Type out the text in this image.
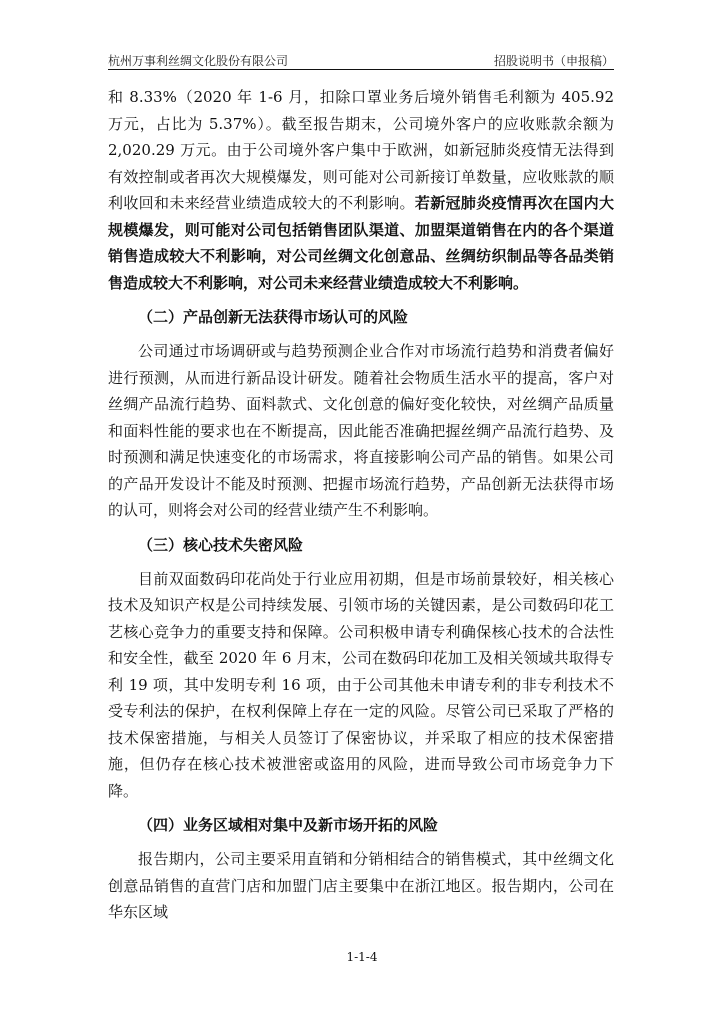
杭州万事利丝绸文化股份有限公司	招股说明书（申报稿）

和 8.33%（2020 年 1-6 月，扣除口罩业务后境外销售毛利额为 405.92 万元，占比为 5.37%）。截至报告期末，公司境外客户的应收账款余额为 2,020.29 万元。由于公司境外客户集中于欧洲，如新冠肺炎疫情无法得到有效控制或者再次大规模爆发，则可能对公司新接订单数量，应收账款的顺利收回和未来经营业绩造成较大的不利影响。若新冠肺炎疫情再次在国内大规模爆发，则可能对公司包括销售团队渠道、加盟渠道销售在内的各个渠道销售造成较大不利影响，对公司丝绸文化创意品、丝绸纺织制品等各品类销售造成较大不利影响，对公司未来经营业绩造成较大不利影响。

（二）产品创新无法获得市场认可的风险

公司通过市场调研或与趋势预测企业合作对市场流行趋势和消费者偏好进行预测，从而进行新品设计研发。随着社会物质生活水平的提高，客户对丝绸产品流行趋势、面料款式、文化创意的偏好变化较快，对丝绸产品质量和面料性能的要求也在不断提高，因此能否准确把握丝绸产品流行趋势、及时预测和满足快速变化的市场需求，将直接影响公司产品的销售。如果公司的产品开发设计不能及时预测、把握市场流行趋势，产品创新无法获得市场的认可，则将会对公司的经营业绩产生不利影响。

（三）核心技术失密风险

目前双面数码印花尚处于行业应用初期，但是市场前景较好，相关核心技术及知识产权是公司持续发展、引领市场的关键因素，是公司数码印花工艺核心竞争力的重要支持和保障。公司积极申请专利确保核心技术的合法性和安全性，截至 2020 年 6 月末，公司在数码印花加工及相关领域共取得专利 19 项，其中发明专利 16 项，由于公司其他未申请专利的非专利技术不受专利法的保护，在权利保障上存在一定的风险。尽管公司已采取了严格的技术保密措施，与相关人员签订了保密协议，并采取了相应的技术保密措施，但仍存在核心技术被泄密或盗用的风险，进而导致公司市场竞争力下降。

（四）业务区域相对集中及新市场开拓的风险

报告期内，公司主要采用直销和分销相结合的销售模式，其中丝绸文化创意品销售的直营门店和加盟门店主要集中在浙江地区。报告期内，公司在华东区域

1-1-4
